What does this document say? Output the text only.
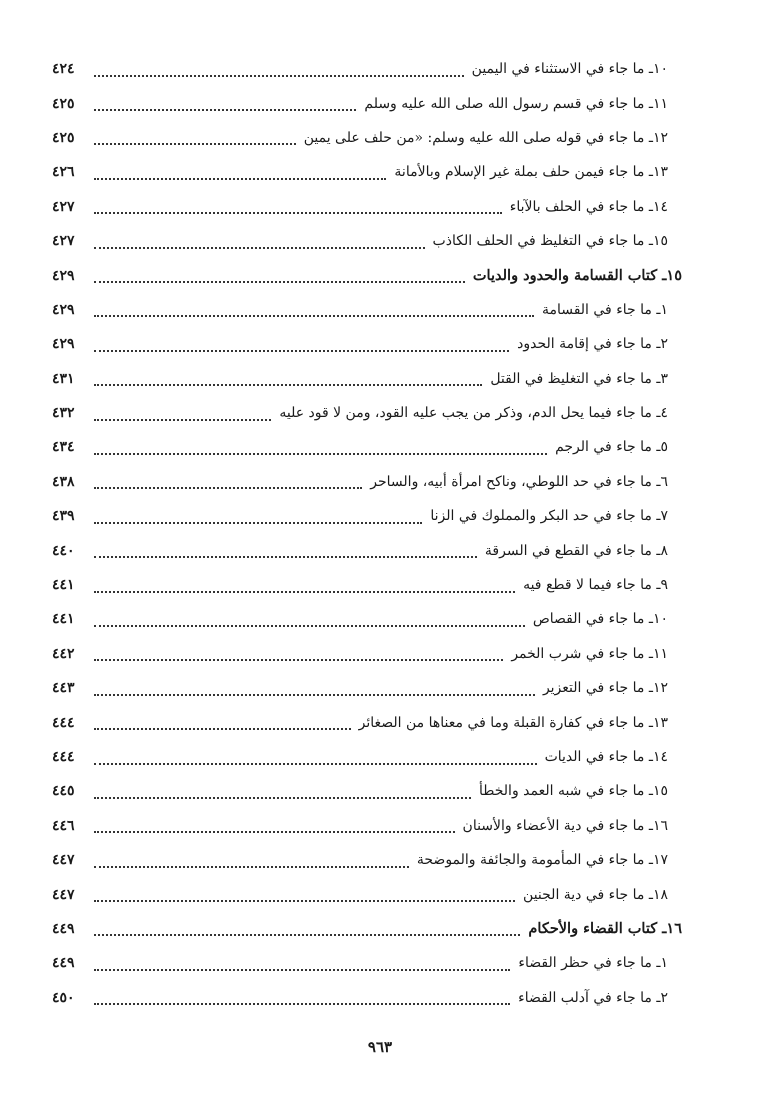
١٠ـ ما جاء في الاستثناء في اليمين
٤٢٤
١١ـ ما جاء في قسم رسول الله صلى الله عليه وسلم
٤٢٥
١٢ـ ما جاء في قوله صلى الله عليه وسلم: «من حلف على يمين
٤٢٥
١٣ـ ما جاء فيمن حلف بملة غير الإسلام وبالأمانة
٤٢٦
١٤ـ ما جاء في الحلف بالآباء
٤٢٧
١٥ـ ما جاء في التغليظ في الحلف الكاذب
٤٢٧
١٥ـ كتاب القسامة والحدود والديات
٤٢٩
١ـ ما جاء في القسامة
٤٢٩
٢ـ ما جاء في إقامة الحدود
٤٢٩
٣ـ ما جاء في التغليظ في القتل
٤٣١
٤ـ ما جاء فيما يحل الدم، وذكر من يجب عليه القود، ومن لا قود عليه
٤٣٢
٥ـ ما جاء في الرجم
٤٣٤
٦ـ ما جاء في حد اللوطي، وناكح امرأة أبيه، والساحر
٤٣٨
٧ـ ما جاء في حد البكر والمملوك في الزنا
٤٣٩
٨ـ ما جاء في القطع في السرقة
٤٤٠
٩ـ ما جاء فيما لا قطع فيه
٤٤١
١٠ـ ما جاء في القصاص
٤٤١
١١ـ ما جاء في شرب الخمر
٤٤٢
١٢ـ ما جاء في التعزير
٤٤٣
١٣ـ ما جاء في كفارة القبلة وما في معناها من الصغائر
٤٤٤
١٤ـ ما جاء في الديات
٤٤٤
١٥ـ ما جاء في شبه العمد والخطأ
٤٤٥
١٦ـ ما جاء في دية الأعضاء والأسنان
٤٤٦
١٧ـ ما جاء في المأمومة والجائفة والموضحة
٤٤٧
١٨ـ ما جاء في دية الجنين
٤٤٧
١٦ـ كتاب القضاء والأحكام
٤٤٩
١ـ ما جاء في حظر القضاء
٤٤٩
٢ـ ما جاء في آدلب القضاء
٤٥٠
٩٦٣
